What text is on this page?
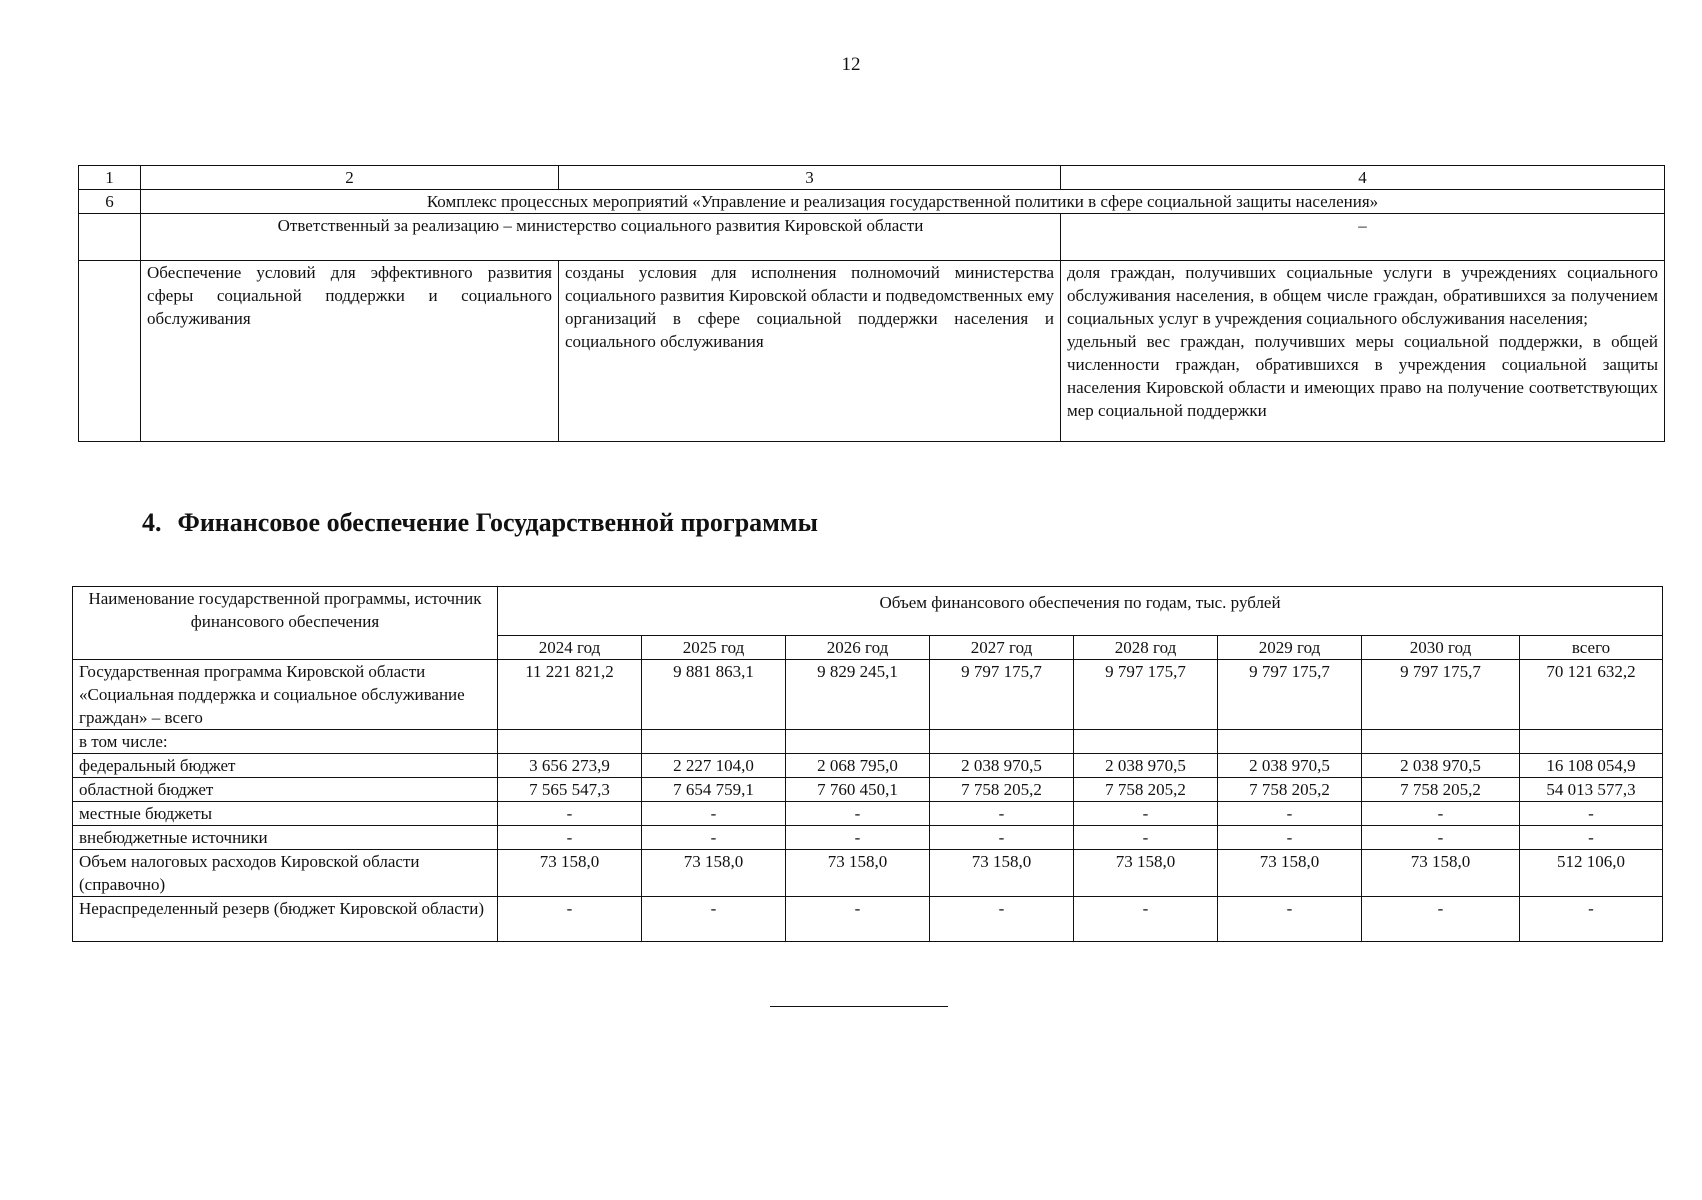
12
1	2	3	4
6	Комплекс процессных мероприятий «Управление и реализация государственной политики в сфере социальной защиты населения»		
	Ответственный за реализацию – министерство социального развития Кировской области		–
	Обеспечение условий для эффективного развития сферы социальной поддержки и социального обслуживания	созданы условия для исполнения полномочий министерства социального развития Кировской области и подведомственных ему организаций в сфере социальной поддержки населения и социального обслуживания	доля граждан, получивших социальные услуги в учреждениях социального обслуживания населения, в общем числе граждан, обратившихся за получением социальных услуг в учреждения социального обслуживания населения;
удельный вес граждан, получивших меры социальной поддержки, в общей численности граждан, обратившихся в учреждения социальной защиты населения Кировской области и имеющих право на получение соответствующих мер социальной поддержки
4. Финансовое обеспечение Государственной программы
Наименование государственной программы, источник финансового обеспечения	Объем финансового обеспечения по годам, тыс. рублей							
	2024 год	2025 год	2026 год	2027 год	2028 год	2029 год	2030 год	всего
Государственная программа Кировской области «Социальная поддержка и социальное обслуживание граждан» – всего	11 221 821,2	9 881 863,1	9 829 245,1	9 797 175,7	9 797 175,7	9 797 175,7	9 797 175,7	70 121 632,2
в том числе:								
федеральный бюджет	3 656 273,9	2 227 104,0	2 068 795,0	2 038 970,5	2 038 970,5	2 038 970,5	2 038 970,5	16 108 054,9
областной бюджет	7 565 547,3	7 654 759,1	7 760 450,1	7 758 205,2	7 758 205,2	7 758 205,2	7 758 205,2	54 013 577,3
местные бюджеты	-	-	-	-	-	-	-	-
внебюджетные источники	-	-	-	-	-	-	-	-
Объем налоговых расходов Кировской области (справочно)	73 158,0	73 158,0	73 158,0	73 158,0	73 158,0	73 158,0	73 158,0	512 106,0
Нераспределенный резерв (бюджет Кировской области)	-	-	-	-	-	-	-	-
